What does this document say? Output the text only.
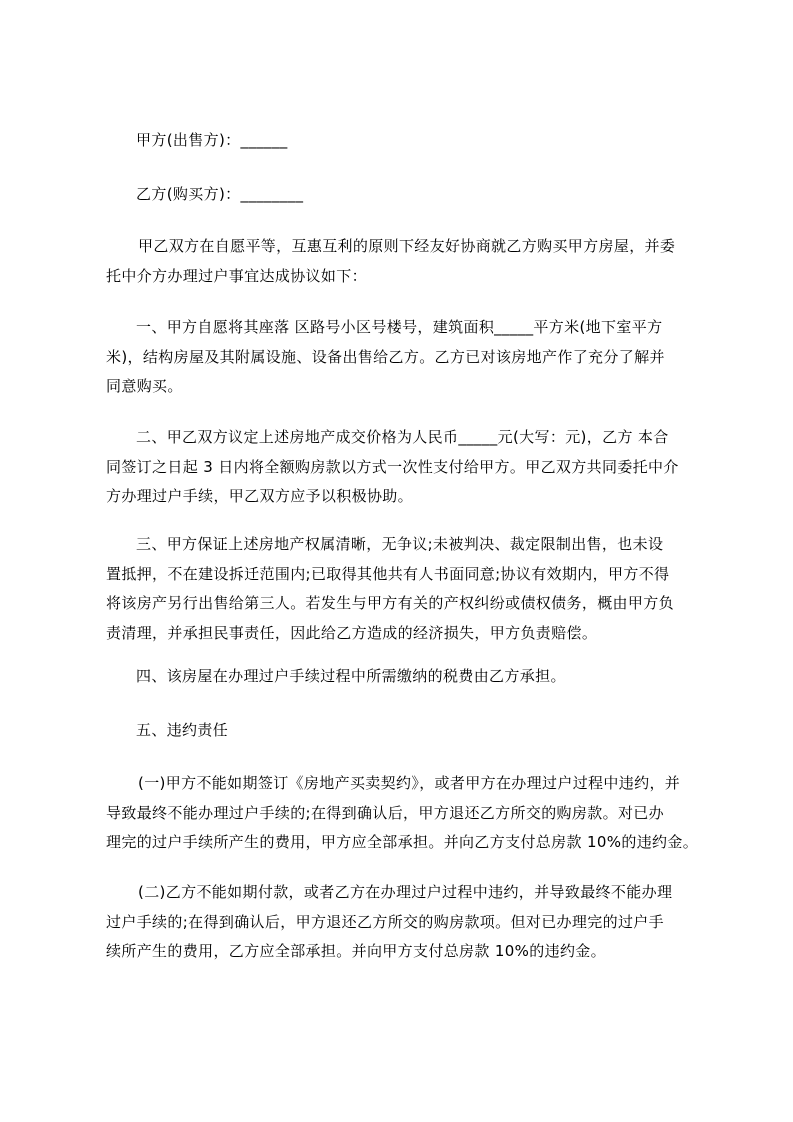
甲方(出售方)：______
乙方(购买方)：________
甲乙双方在自愿平等，互惠互利的原则下经友好协商就乙方购买甲方房屋，并委
托中介方办理过户事宜达成协议如下：
一、甲方自愿将其座落 区路号小区号楼号，建筑面积_____平方米(地下室平方
米)，结构房屋及其附属设施、设备出售给乙方。乙方已对该房地产作了充分了解并
同意购买。
二、甲乙双方议定上述房地产成交价格为人民币_____元(大写：元)，乙方 本合
同签订之日起 3 日内将全额购房款以方式一次性支付给甲方。甲乙双方共同委托中介
方办理过户手续，甲乙双方应予以积极协助。
三、甲方保证上述房地产权属清晰，无争议;未被判决、裁定限制出售，也未设
置抵押，不在建设拆迁范围内;已取得其他共有人书面同意;协议有效期内，甲方不得
将该房产另行出售给第三人。若发生与甲方有关的产权纠纷或债权债务，概由甲方负
责清理，并承担民事责任，因此给乙方造成的经济损失，甲方负责赔偿。
四、该房屋在办理过户手续过程中所需缴纳的税费由乙方承担。
五、违约责任
(一)甲方不能如期签订《房地产买卖契约》，或者甲方在办理过户过程中违约，并
导致最终不能办理过户手续的;在得到确认后，甲方退还乙方所交的购房款。对已办
理完的过户手续所产生的费用，甲方应全部承担。并向乙方支付总房款 10%的违约金。
(二)乙方不能如期付款，或者乙方在办理过户过程中违约，并导致最终不能办理
过户手续的;在得到确认后，甲方退还乙方所交的购房款项。但对已办理完的过户手
续所产生的费用，乙方应全部承担。并向甲方支付总房款 10%的违约金。
